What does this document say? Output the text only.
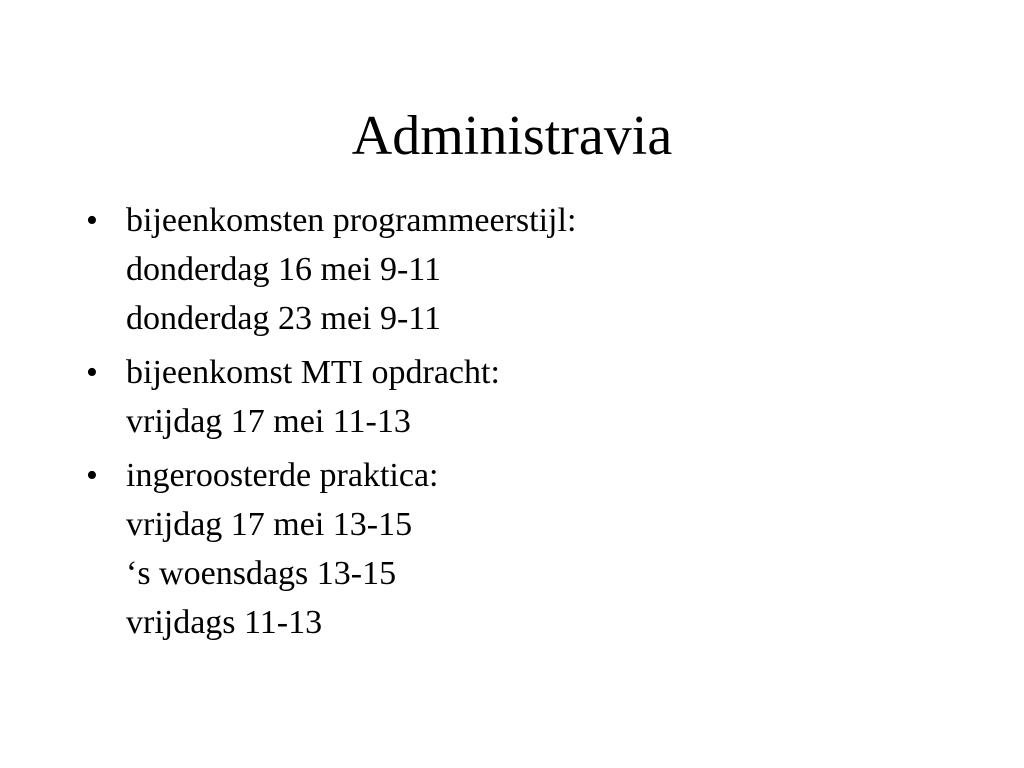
Administravia
• bijeenkomsten programmeerstijl:
donderdag 16 mei 9-11
donderdag 23 mei 9-11
• bijeenkomst MTI opdracht:
vrijdag 17 mei 11-13
• ingeroosterde praktica:
vrijdag 17 mei 13-15
‘s woensdags 13-15
vrijdags 11-13
